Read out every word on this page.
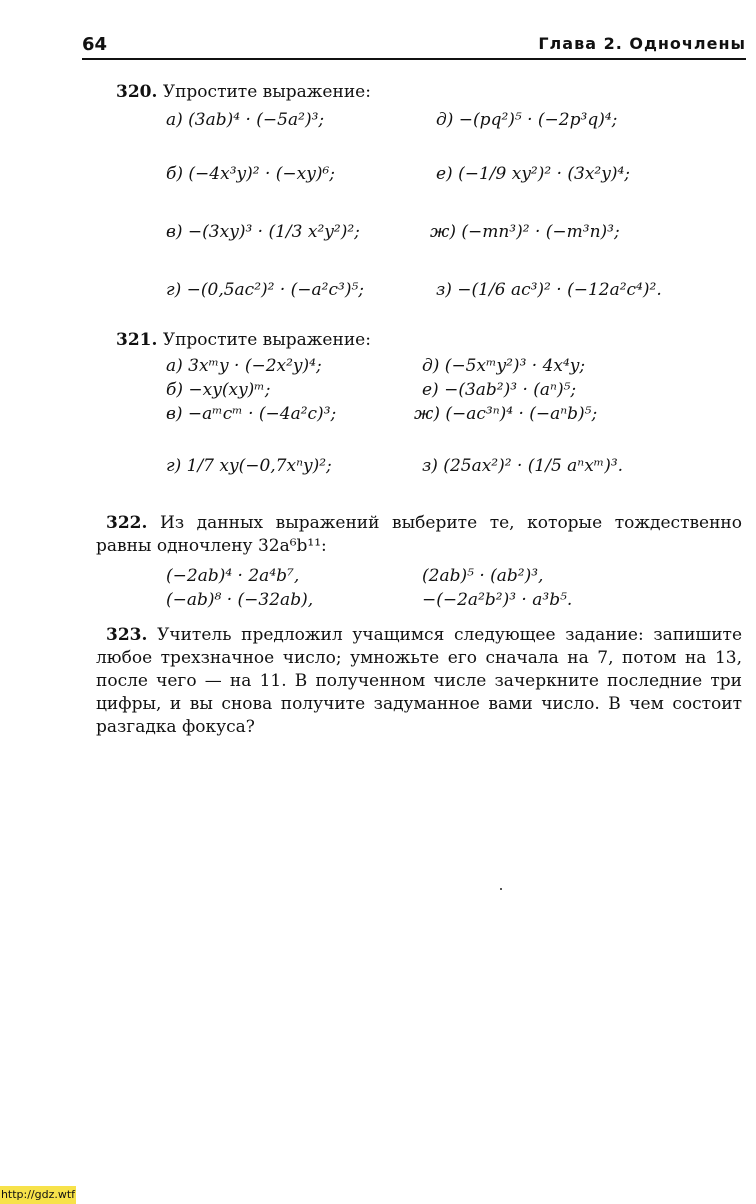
64	Глава 2. Одночлены
320. Упростите выражение:
а) (3ab)⁴ · (−5a²)³;	д) −(pq²)⁵ · (−2p³q)⁴;
б) (−4x³y)² · (−xy)⁶;	е) (−1/9 xy²)² · (3x²y)⁴;
в) −(3xy)³ · (1/3 x²y²)²;	ж) (−mn³)² · (−m³n)³;
г) −(0,5ac²)² · (−a²c³)⁵;	з) −(1/6 ac³)² · (−12a²c⁴)².
321. Упростите выражение:
а) 3xᵐy · (−2x²y)⁴;	д) (−5xᵐy²)³ · 4x⁴y;
б) −xy(xy)ᵐ;	е) −(3ab²)³ · (aⁿ)⁵;
в) −aᵐcᵐ · (−4a²c)³;	ж) (−ac³ⁿ)⁴ · (−aⁿb)⁵;
г) 1/7 xy(−0,7xⁿy)²;	з) (25ax²)² · (1/5 aⁿxᵐ)³.
322. Из данных выражений выберите те, которые тождественно равны одночлену 32a⁶b¹¹:
(−2ab)⁴ · 2a⁴b⁷,	(2ab)⁵ · (ab²)³,
(−ab)⁸ · (−32ab),	−(−2a²b²)³ · a³b⁵.
323. Учитель предложил учащимся следующее задание: запишите любое трехзначное число; умножьте его сначала на 7, потом на 13, после чего — на 11. В полученном числе зачеркните последние три цифры, и вы снова получите задуманное вами число. В чем состоит разгадка фокуса?
http://gdz.wtf
